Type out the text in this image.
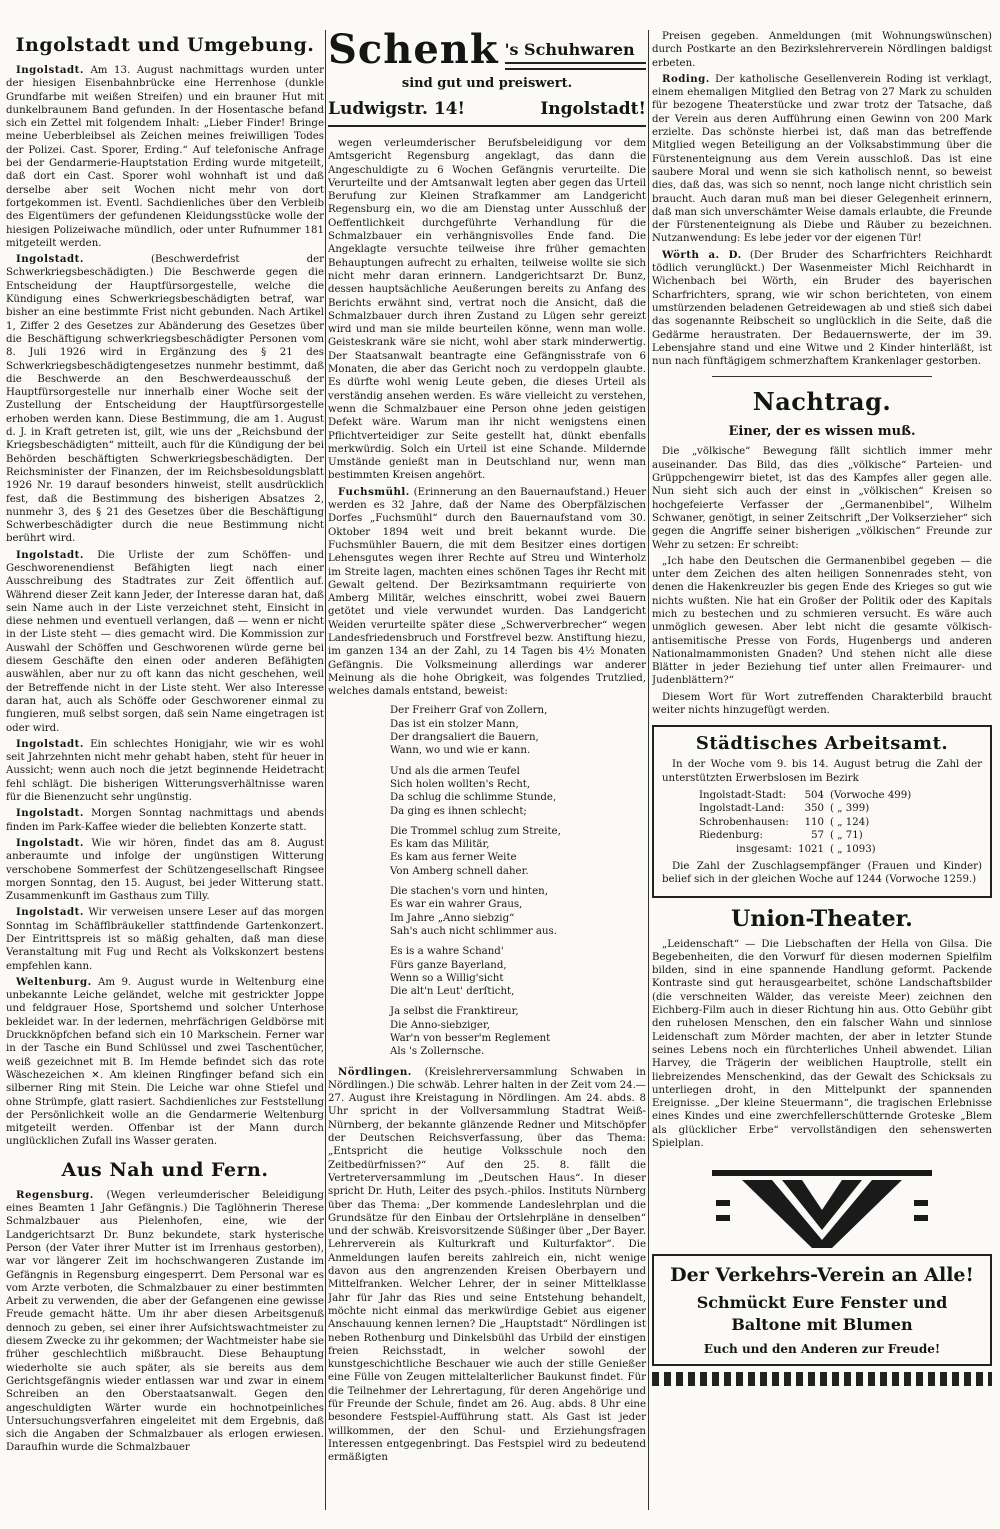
Ingolstadt und Umgebung.

Ingolstadt. Am 13. August nachmittags wurden unter der hiesigen Eisenbahnbrücke eine Herrenhose (dunkle Grundfarbe mit weißen Streifen) und ein brauner Hut mit dunkelbraunem Band gefunden. In der Hosentasche befand sich ein Zettel mit folgendem Inhalt: „Lieber Finder! Bringe meine Ueberbleibsel als Zeichen meines freiwilligen Todes der Polizei. Cast. Sporer, Erding.“ Auf telefonische Anfrage bei der Gendarmerie-Hauptstation Erding wurde mitgeteilt, daß dort ein Cast. Sporer wohl wohnhaft ist und daß derselbe aber seit Wochen nicht mehr von dort fortgekommen ist. Eventl. Sachdienliches über den Verbleib des Eigentümers der gefundenen Kleidungsstücke wolle der hiesigen Polizeiwache mündlich, oder unter Rufnummer 181 mitgeteilt werden.

Ingolstadt. (Beschwerdefrist der Schwerkriegsbeschädigten.) Die Beschwerde gegen die Entscheidung der Hauptfürsorgestelle, welche die Kündigung eines Schwerkriegsbeschädigten betraf, war bisher an eine bestimmte Frist nicht gebunden. Nach Artikel 1, Ziffer 2 des Gesetzes zur Abänderung des Gesetzes über die Beschäftigung schwerkriegsbeschädigter Personen vom 8. Juli 1926 wird in Ergänzung des § 21 des Schwerkriegsbeschädigtengesetzes nunmehr bestimmt, daß die Beschwerde an den Beschwerdeausschuß der Hauptfürsorgestelle nur innerhalb einer Woche seit der Zustellung der Entscheidung der Hauptfürsorgestelle erhoben werden kann. Diese Bestimmung, die am 1. August d. J. in Kraft getreten ist, gilt, wie uns der „Reichsbund der Kriegsbeschädigten“ mitteilt, auch für die Kündigung der bei Behörden beschäftigten Schwerkriegsbeschädigten. Der Reichsminister der Finanzen, der im Reichsbesoldungsblatt 1926 Nr. 19 darauf besonders hinweist, stellt ausdrücklich fest, daß die Bestimmung des bisherigen Absatzes 2, nunmehr 3, des § 21 des Gesetzes über die Beschäftigung Schwerbeschädigter durch die neue Bestimmung nicht berührt wird.

Ingolstadt. Die Urliste der zum Schöffen- und Geschworenendienst Befähigten liegt nach einer Ausschreibung des Stadtrates zur Zeit öffentlich auf. Während dieser Zeit kann Jeder, der Interesse daran hat, daß sein Name auch in der Liste verzeichnet steht, Einsicht in diese nehmen und eventuell verlangen, daß — wenn er nicht in der Liste steht — dies gemacht wird. Die Kommission zur Auswahl der Schöffen und Geschworenen würde gerne bei diesem Geschäfte den einen oder anderen Befähigten auswählen, aber nur zu oft kann das nicht geschehen, weil der Betreffende nicht in der Liste steht. Wer also Interesse daran hat, auch als Schöffe oder Geschworener einmal zu fungieren, muß selbst sorgen, daß sein Name eingetragen ist oder wird.

Ingolstadt. Ein schlechtes Honigjahr, wie wir es wohl seit Jahrzehnten nicht mehr gehabt haben, steht für heuer in Aussicht; wenn auch noch die jetzt beginnende Heidetracht fehl schlägt. Die bisherigen Witterungsverhältnisse waren für die Bienenzucht sehr ungünstig.

Ingolstadt. Morgen Sonntag nachmittags und abends finden im Park-Kaffee wieder die beliebten Konzerte statt.

Ingolstadt. Wie wir hören, findet das am 8. August anberaumte und infolge der ungünstigen Witterung verschobene Sommerfest der Schützengesellschaft Ringsee morgen Sonntag, den 15. August, bei jeder Witterung statt. Zusammenkunft im Gasthaus zum Tilly.

Ingolstadt. Wir verweisen unsere Leser auf das morgen Sonntag im Schäfflbräukeller stattfindende Gartenkonzert. Der Eintrittspreis ist so mäßig gehalten, daß man diese Veranstaltung mit Fug und Recht als Volkskonzert bestens empfehlen kann.

Weltenburg. Am 9. August wurde in Weltenburg eine unbekannte Leiche geländet, welche mit gestrickter Joppe und feldgrauer Hose, Sportshemd und solcher Unterhose bekleidet war. In der ledernen, mehrfächrigen Geldbörse mit Druckknöpfchen befand sich ein 10 Markschein. Ferner war in der Tasche ein Bund Schlüssel und zwei Taschentücher, weiß gezeichnet mit B. Im Hemde befindet sich das rote Wäschezeichen ✕. Am kleinen Ringfinger befand sich ein silberner Ring mit Stein. Die Leiche war ohne Stiefel und ohne Strümpfe, glatt rasiert. Sachdienliches zur Feststellung der Persönlichkeit wolle an die Gendarmerie Weltenburg mitgeteilt werden. Offenbar ist der Mann durch unglücklichen Zufall ins Wasser geraten.

Aus Nah und Fern.

Regensburg. (Wegen verleumderischer Beleidigung eines Beamten 1 Jahr Gefängnis.) Die Taglöhnerin Therese Schmalzbauer aus Pielenhofen, eine, wie der Landgerichtsarzt Dr. Bunz bekundete, stark hysterische Person (der Vater ihrer Mutter ist im Irrenhaus gestorben), war vor längerer Zeit im hochschwangeren Zustande im Gefängnis in Regensburg eingesperrt. Dem Personal war es vom Arzte verboten, die Schmalzbauer zu einer bestimmten Arbeit zu verwenden, die aber der Gefangenen eine gewisse Freude gemacht hätte. Um ihr aber diesen Arbeitsgenuß dennoch zu geben, sei einer ihrer Aufsichtswachtmeister zu diesem Zwecke zu ihr gekommen; der Wachtmeister habe sie früher geschlechtlich mißbraucht. Diese Behauptung wiederholte sie auch später, als sie bereits aus dem Gerichtsgefängnis wieder entlassen war und zwar in einem Schreiben an den Oberstaatsanwalt. Gegen den angeschuldigten Wärter wurde ein hochnotpeinliches Untersuchungsverfahren eingeleitet mit dem Ergebnis, daß sich die Angaben der Schmalzbauer als erlogen erwiesen. Daraufhin wurde die Schmalzbauer

Schenk 's Schuhwaren
sind gut und preiswert.
Ludwigstr. 14!	Ingolstadt!

wegen verleumderischer Berufsbeleidigung vor dem Amtsgericht Regensburg angeklagt, das dann die Angeschuldigte zu 6 Wochen Gefängnis verurteilte. Die Verurteilte und der Amtsanwalt legten aber gegen das Urteil Berufung zur Kleinen Strafkammer am Landgericht Regensburg ein, wo die am Dienstag unter Ausschluß der Oeffentlichkeit durchgeführte Verhandlung für die Schmalzbauer ein verhängnisvolles Ende fand. Die Angeklagte versuchte teilweise ihre früher gemachten Behauptungen aufrecht zu erhalten, teilweise wollte sie sich nicht mehr daran erinnern. Landgerichtsarzt Dr. Bunz, dessen hauptsächliche Aeußerungen bereits zu Anfang des Berichts erwähnt sind, vertrat noch die Ansicht, daß die Schmalzbauer durch ihren Zustand zu Lügen sehr gereizt wird und man sie milde beurteilen könne, wenn man wolle. Geisteskrank wäre sie nicht, wohl aber stark minderwertig. Der Staatsanwalt beantragte eine Gefängnisstrafe von 6 Monaten, die aber das Gericht noch zu verdoppeln glaubte. Es dürfte wohl wenig Leute geben, die dieses Urteil als verständig ansehen werden. Es wäre vielleicht zu verstehen, wenn die Schmalzbauer eine Person ohne jeden geistigen Defekt wäre. Warum man ihr nicht wenigstens einen Pflichtverteidiger zur Seite gestellt hat, dünkt ebenfalls merkwürdig. Solch ein Urteil ist eine Schande. Mildernde Umstände genießt man in Deutschland nur, wenn man bestimmten Kreisen angehört.

Fuchsmühl. (Erinnerung an den Bauernaufstand.) Heuer werden es 32 Jahre, daß der Name des Oberpfälzischen Dorfes „Fuchsmühl“ durch den Bauernaufstand vom 30. Oktober 1894 weit und breit bekannt wurde. Die Fuchsmühler Bauern, die mit dem Besitzer eines dortigen Lehensgutes wegen ihrer Rechte auf Streu und Winterholz im Streite lagen, machten eines schönen Tages ihr Recht mit Gewalt geltend. Der Bezirksamtmann requirierte von Amberg Militär, welches einschritt, wobei zwei Bauern getötet und viele verwundet wurden. Das Landgericht Weiden verurteilte später diese „Schwerverbrecher“ wegen Landesfriedensbruch und Forstfrevel bezw. Anstiftung hiezu, im ganzen 134 an der Zahl, zu 14 Tagen bis 4½ Monaten Gefängnis. Die Volksmeinung allerdings war anderer Meinung als die hohe Obrigkeit, was folgendes Trutzlied, welches damals entstand, beweist:

Der Freiherr Graf von Zollern,
Das ist ein stolzer Mann,
Der drangsaliert die Bauern,
Wann, wo und wie er kann.
Und als die armen Teufel
Sich holen wollten's Recht,
Da schlug die schlimme Stunde,
Da ging es ihnen schlecht;
Die Trommel schlug zum Streite,
Es kam das Militär,
Es kam aus ferner Weite
Von Amberg schnell daher.
Die stachen's vorn und hinten,
Es war ein wahrer Graus,
Im Jahre „Anno siebzig“
Sah's auch nicht schlimmer aus.
Es is a wahre Schand'
Fürs ganze Bayerland,
Wenn so a Willig'sicht
Die alt'n Leut' derſticht,
Ja selbst die Franktireur,
Die Anno-siebziger,
War'n von besser'm Reglement
Als 's Zollernsche.

Nördlingen. (Kreislehrerversammlung Schwaben in Nördlingen.) Die schwäb. Lehrer halten in der Zeit vom 24.—27. August ihre Kreistagung in Nördlingen. Am 24. abds. 8 Uhr spricht in der Vollversammlung Stadtrat Weiß-Nürnberg, der bekannte glänzende Redner und Mitschöpfer der Deutschen Reichsverfassung, über das Thema: „Entspricht die heutige Volksschule noch den Zeitbedürfnissen?“ Auf den 25. 8. fällt die Vertreterversammlung im „Deutschen Haus“. In dieser spricht Dr. Huth, Leiter des psych.-philos. Instituts Nürnberg über das Thema: „Der kommende Landeslehrplan und die Grundsätze für den Einbau der Ortslehrpläne in denselben“ und der schwäb. Kreisvorsitzende Süßinger über „Der Bayer. Lehrerverein als Kulturkraft und Kulturfaktor“. Die Anmeldungen laufen bereits zahlreich ein, nicht wenige davon aus den angrenzenden Kreisen Oberbayern und Mittelfranken. Welcher Lehrer, der in seiner Mittelklasse Jahr für Jahr das Ries und seine Entstehung behandelt, möchte nicht einmal das merkwürdige Gebiet aus eigener Anschauung kennen lernen? Die „Hauptstadt“ Nördlingen ist neben Rothenburg und Dinkelsbühl das Urbild der einstigen freien Reichsstadt, in welcher sowohl der kunstgeschichtliche Beschauer wie auch der stille Genießer eine Fülle von Zeugen mittelalterlicher Baukunst findet. Für die Teilnehmer der Lehrertagung, für deren Angehörige und für Freunde der Schule, findet am 26. Aug. abds. 8 Uhr eine besondere Festspiel-Aufführung statt. Als Gast ist jeder willkommen, der den Schul- und Erziehungsfragen Interessen entgegenbringt. Das Festspiel wird zu bedeutend ermäßigten

Preisen gegeben. Anmeldungen (mit Wohnungswünschen) durch Postkarte an den Bezirkslehrerverein Nördlingen baldigst erbeten.

Roding. Der katholische Gesellenverein Roding ist verklagt, einem ehemaligen Mitglied den Betrag von 27 Mark zu schulden für bezogene Theaterstücke und zwar trotz der Tatsache, daß der Verein aus deren Aufführung einen Gewinn von 200 Mark erzielte. Das schönste hierbei ist, daß man das betreffende Mitglied wegen Beteiligung an der Volksabstimmung über die Fürstenenteignung aus dem Verein ausschloß. Das ist eine saubere Moral und wenn sie sich katholisch nennt, so beweist dies, daß das, was sich so nennt, noch lange nicht christlich sein braucht. Auch daran muß man bei dieser Gelegenheit erinnern, daß man sich unverschämter Weise damals erlaubte, die Freunde der Fürstenenteignung als Diebe und Räuber zu bezeichnen. Nutzanwendung: Es lebe jeder vor der eigenen Tür!

Wörth a. D. (Der Bruder des Scharfrichters Reichhardt tödlich verunglückt.) Der Wasenmeister Michl Reichhardt in Wichenbach bei Wörth, ein Bruder des bayerischen Scharfrichters, sprang, wie wir schon berichteten, von einem umstürzenden beladenen Getreidewagen ab und stieß sich dabei das sogenannte Reibscheit so unglücklich in die Seite, daß die Gedärme heraustraten. Der Bedauernswerte, der im 39. Lebensjahre stand und eine Witwe und 2 Kinder hinterläßt, ist nun nach fünftägigem schmerzhaftem Krankenlager gestorben.

Nachtrag.
Einer, der es wissen muß.

Die „völkische“ Bewegung fällt sichtlich immer mehr auseinander. Das Bild, das dies „völkische“ Parteien- und Grüppchengewirr bietet, ist das des Kampfes aller gegen alle. Nun sieht sich auch der einst in „völkischen“ Kreisen so hochgefeierte Verfasser der „Germanenbibel“, Wilhelm Schwaner, genötigt, in seiner Zeitschrift „Der Volkserzieher“ sich gegen die Angriffe seiner bisherigen „völkischen“ Freunde zur Wehr zu setzen: Er schreibt:

„Ich habe den Deutschen die Germanenbibel gegeben — die unter dem Zeichen des alten heiligen Sonnenrades steht, von denen die Hakenkreuzler bis gegen Ende des Krieges so gut wie nichts wußten. Nie hat ein Großer der Politik oder des Kapitals mich zu bestechen und zu schmieren versucht. Es wäre auch unmöglich gewesen. Aber lebt nicht die gesamte völkisch-antisemitische Presse von Fords, Hugenbergs und anderen Nationalmammonisten Gnaden? Und stehen nicht alle diese Blätter in jeder Beziehung tief unter allen Freimaurer- und Judenblättern?“

Diesem Wort für Wort zutreffenden Charakterbild braucht weiter nichts hinzugefügt werden.

Städtisches Arbeitsamt.

In der Woche vom 9. bis 14. August betrug die Zahl der unterstützten Erwerbslosen im Bezirk

Ingolstadt-Stadt:	504	(Vorwoche 499)
Ingolstadt-Land:	350	( „ 399)
Schrobenhausen:	110	( „ 124)
Riedenburg:	57	( „ 71)
insgesamt:	1021	( „ 1093)

Die Zahl der Zuschlagsempfänger (Frauen und Kinder) belief sich in der gleichen Woche auf 1244 (Vorwoche 1259.)

Union-Theater.

„Leidenschaft“ — Die Liebschaften der Hella von Gilsa. Die Begebenheiten, die den Vorwurf für diesen modernen Spielfilm bilden, sind in eine spannende Handlung geformt. Packende Kontraste sind gut herausgearbeitet, schöne Landschaftsbilder (die verschneiten Wälder, das vereiste Meer) zeichnen den Eichberg-Film auch in dieser Richtung hin aus. Otto Gebühr gibt den ruhelosen Menschen, den ein falscher Wahn und sinnlose Leidenschaft zum Mörder machten, der aber in letzter Stunde seines Lebens noch ein fürchterliches Unheil abwendet. Lilian Harvey, die Trägerin der weiblichen Hauptrolle, stellt ein liebreizendes Menschenkind, das der Gewalt des Schicksals zu unterliegen droht, in den Mittelpunkt der spannenden Ereignisse. „Der kleine Steuermann“, die tragischen Erlebnisse eines Kindes und eine zwerchfellerschütternde Groteske „Blem als glücklicher Erbe“ vervollständigen den sehenswerten Spielplan.

Der Verkehrs-Verein an Alle!
Schmückt Eure Fenster und
Baltone mit Blumen
Euch und den Anderen zur Freude!
